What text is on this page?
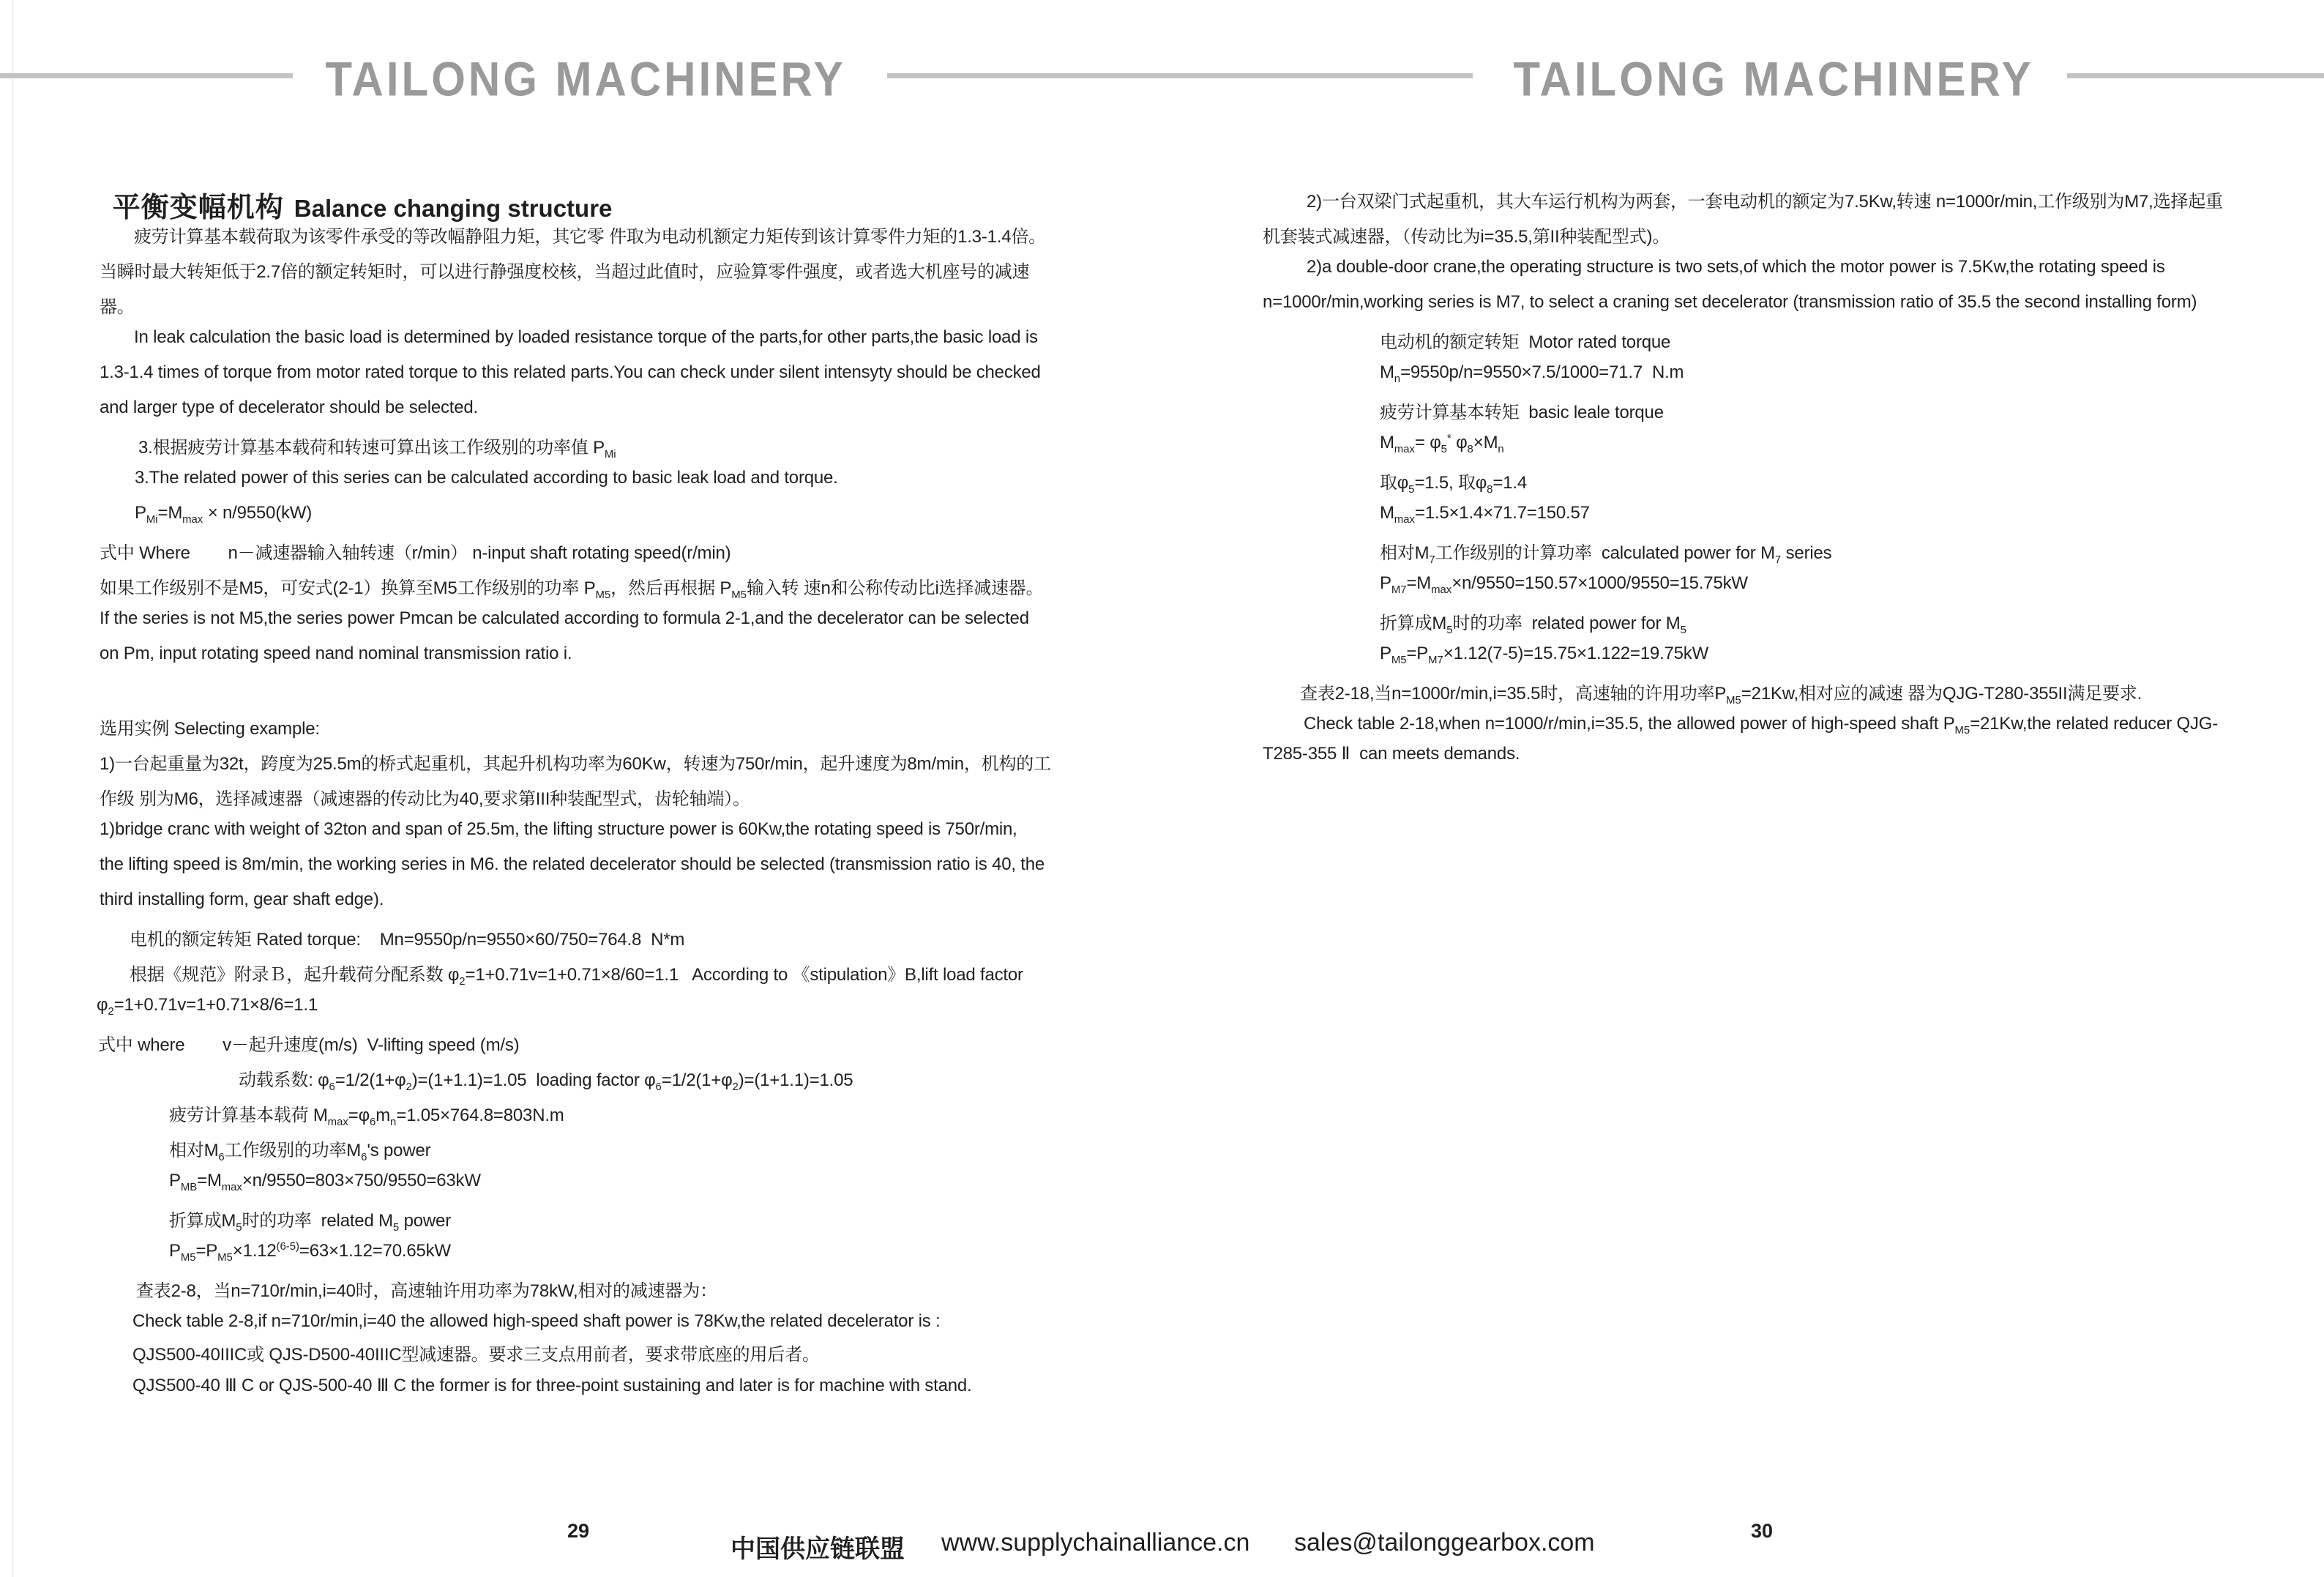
TAILONG MACHINERY	TAILONG MACHINERY

平衡变幅机构 Balance changing structure

疲劳计算基本载荷取为该零件承受的等改幅静阻力矩，其它零 件取为电动机额定力矩传到该计算零件力矩的1.3-1.4倍。
当瞬时最大转矩低于2.7倍的额定转矩时，可以进行静强度校核，当超过此值时，应验算零件强度，或者选大机座号的减速
器。
In leak calculation the basic load is determined by loaded resistance torque of the parts,for other parts,the basic load is
1.3-1.4 times of torque from motor rated torque to this related parts.You can check under silent intensyty should be checked
and larger type of decelerator should be selected.
3.根据疲劳计算基本载荷和转速可算出该工作级别的功率值 $P_{Mi}$
3.The related power of this series can be calculated according to basic leak load and torque.
$P_{Mi}=M_{max} \times n/9550(kW)$
式中 Where        n－减速器输入轴转速（r/min） n-input shaft rotating speed(r/min)
如果工作级别不是M5，可安式(2-1）换算至M5工作级别的功率 $P_{M5}$，然后再根据 $P_{M5}$输入转 速n和公称传动比i选择减速器。
If the series is not M5,the series power Pmcan be calculated according to formula 2-1,and the decelerator can be selected
on Pm, input rotating speed nand nominal transmission ratio i.
选用实例 Selecting example:
1)一台起重量为32t，跨度为25.5m的桥式起重机，其起升机构功率为60Kw，转速为750r/min，起升速度为8m/min，机构的工
作级 别为M6，选择减速器（减速器的传动比为40,要求第III种装配型式，齿轮轴端）。
1)bridge cranc with weight of 32ton and span of 25.5m, the lifting structure power is 60Kw,the rotating speed is 750r/min,
the lifting speed is 8m/min, the working series in M6. the related decelerator should be selected (transmission ratio is 40, the
third installing form, gear shaft edge).
电机的额定转矩 Rated torque:    Mn=9550p/n=9550×60/750=764.8  N*m
根据《规范》附录Ｂ，起升载荷分配系数 $\varphi_2=1+0.71v=1+0.71\times 8/60=1.1$   According to 《stipulation》B,lift load factor
$\varphi_2=1+0.71v=1+0.71\times 8/6=1.1$
式中 where        v－起升速度(m/s)  V-lifting speed (m/s)
动载系数: $\varphi_6=1/2(1+\varphi_2)=(1+1.1)=1.05$  loading factor $\varphi_6=1/2(1+\varphi_2)=(1+1.1)=1.05$
疲劳计算基本载荷 $M_{max}=\varphi_6m_n=1.05\times 764.8=803N.m$
相对$M_6$工作级别的功率$M_6's$ power
$P_{MB}=M_{max}\times n/9550=803\times 750/9550=63kW$
折算成$M_5$时的功率  related $M_5$ power
$P_{M5}=P_{M5}\times 1.12^{(6-5)}=63\times 1.12=70.65kW$
查表2-8，当n=710r/min,i=40时，高速轴许用功率为78kW,相对的减速器为：
Check table 2-8,if n=710r/min,i=40 the allowed high-speed shaft power is 78Kw,the related decelerator is :
QJS500-40IIIC或 QJS-D500-40IIIC型减速器。要求三支点用前者，要求带底座的用后者。
QJS500-40 Ⅲ C or QJS-500-40 Ⅲ C the former is for three-point sustaining and later is for machine with stand.
2)一台双梁门式起重机，其大车运行机构为两套，一套电动机的额定为7.5Kw,转速 n=1000r/min,工作级别为M7,选择起重
机套装式减速器，（传动比为i=35.5,第II种装配型式)。
2)a double-door crane,the operating structure is two sets,of which the motor power is 7.5Kw,the rotating speed is
n=1000r/min,working series is M7, to select a craning set decelerator (transmission ratio of 35.5 the second installing form)
电动机的额定转矩  Motor rated torque
$M_n=9550p/n=9550\times 7.5/1000=71.7$  N.m
疲劳计算基本转矩  basic leale torque
$M_{max}= \varphi_5^*$ $\varphi_8\times M_n$
取$\varphi_5=1.5$, 取$\varphi_8=1.4$
$M_{max}=1.5\times 1.4\times 71.7=150.57$
相对$M_7$工作级别的计算功率  calculated power for $M_7$ series
$P_{M7}=M_{max}\times n/9550=150.57\times 1000/9550=15.75kW$
折算成$M_5$时的功率  related power for $M_5$
$P_{M5}=P_{M7}\times 1.12(7-5)=15.75\times 1.122=19.75kW$
查表2-18,当n=1000r/min,i=35.5时，高速轴的许用功率$P_{M5}=21Kw$,相对应的减速 器为QJG-T280-355II满足要求.
Check table 2-18,when n=1000/r/min,i=35.5, the allowed power of high-speed shaft $P_{M5}=21Kw,the$ related reducer QJG-
T285-355 Ⅱ  can meets demands.
29
中国供应链联盟 www.supplychainalliance.cn sales@tailonggearbox.com	30
